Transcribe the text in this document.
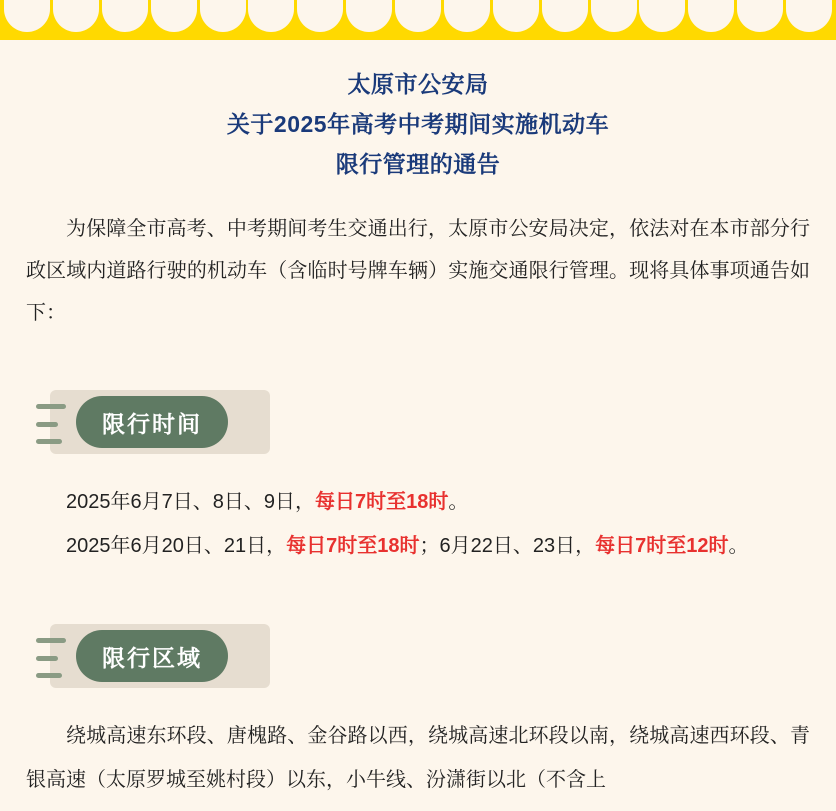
太原市公安局
关于2025年高考中考期间实施机动车
限行管理的通告
为保障全市高考、中考期间考生交通出行，太原市公安局决定，依法对在本市部分行政区域内道路行驶的机动车（含临时号牌车辆）实施交通限行管理。现将具体事项通告如下：
限行时间
2025年6月7日、8日、9日，每日7时至18时。
2025年6月20日、21日，每日7时至18时；6月22日、23日，每日7时至12时。
限行区域
绕城高速东环段、唐槐路、金谷路以西，绕城高速北环段以南，绕城高速西环段、青银高速（太原罗城至姚村段）以东，小牛线、汾潇街以北（不含上
